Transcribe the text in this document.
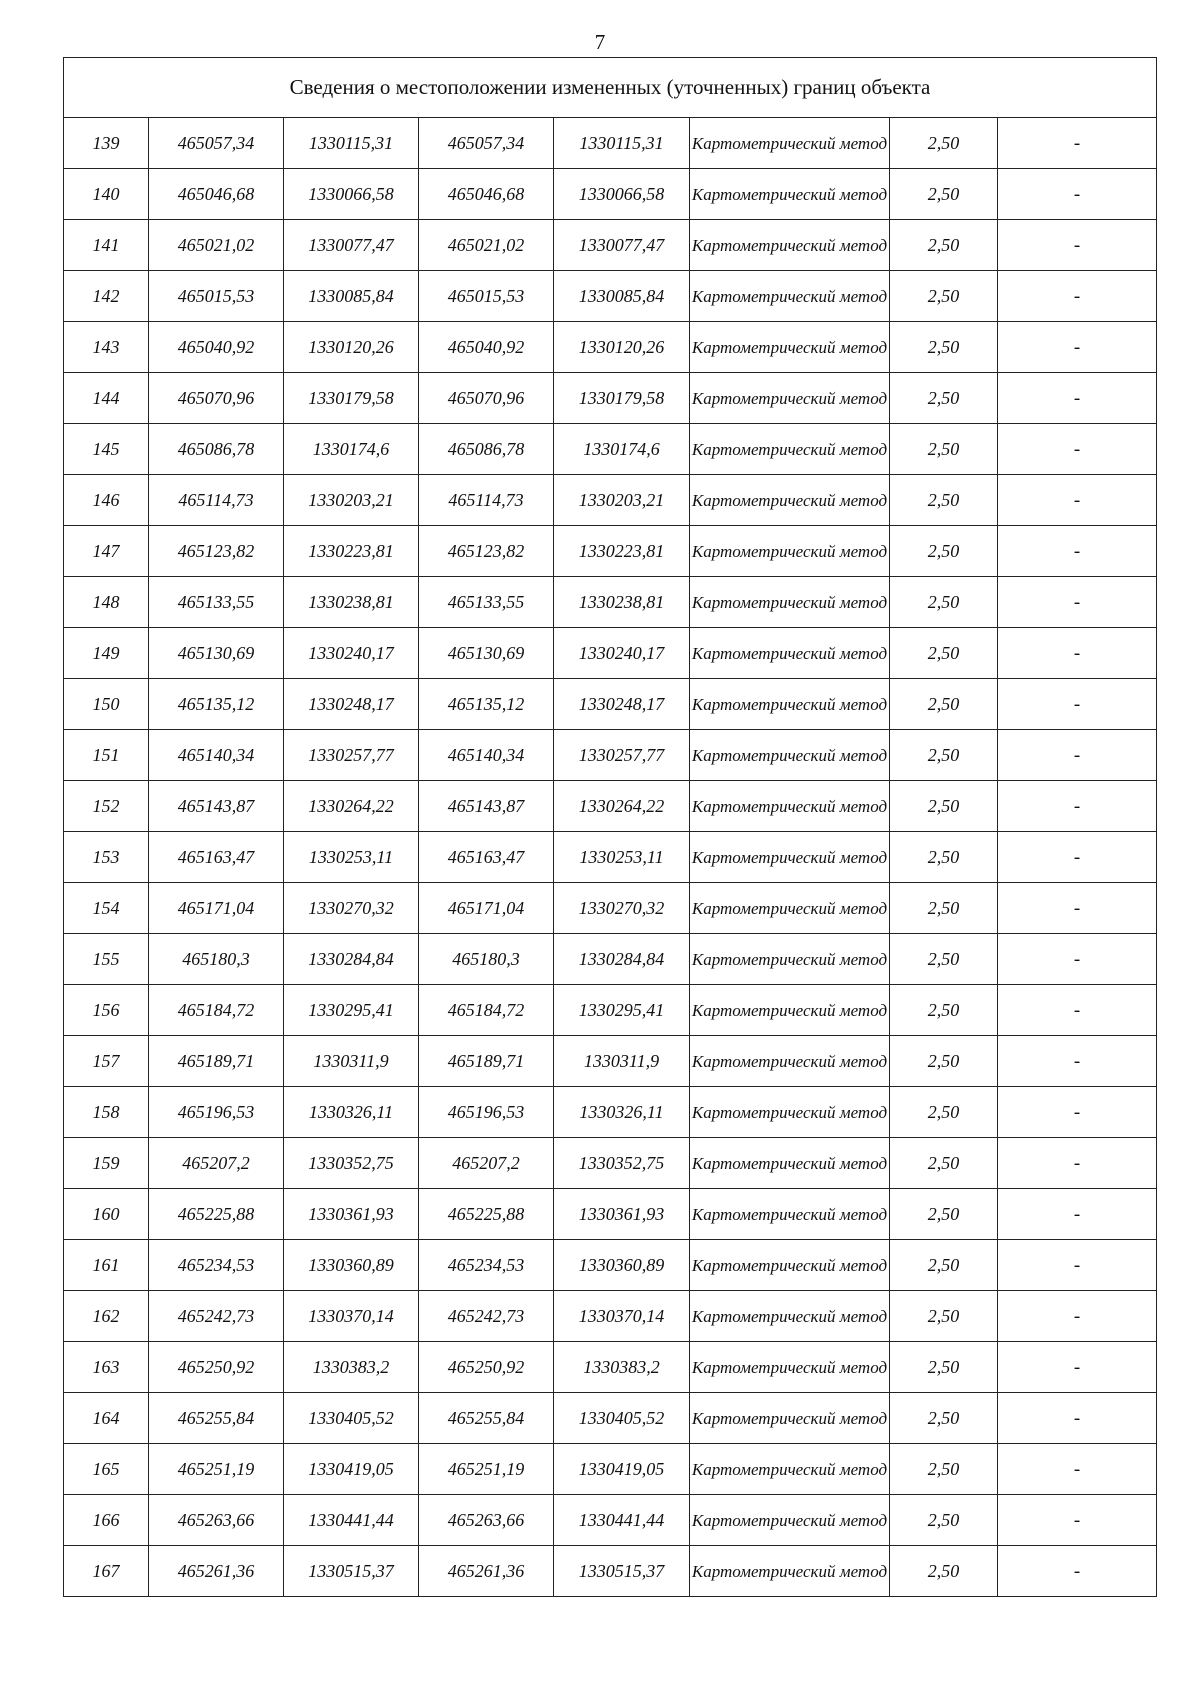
7
Сведения о местоположении измененных (уточненных) границ объекта							
139	465057,34	1330115,31	465057,34	1330115,31	Картометрический метод	2,50	-
140	465046,68	1330066,58	465046,68	1330066,58	Картометрический метод	2,50	-
141	465021,02	1330077,47	465021,02	1330077,47	Картометрический метод	2,50	-
142	465015,53	1330085,84	465015,53	1330085,84	Картометрический метод	2,50	-
143	465040,92	1330120,26	465040,92	1330120,26	Картометрический метод	2,50	-
144	465070,96	1330179,58	465070,96	1330179,58	Картометрический метод	2,50	-
145	465086,78	1330174,6	465086,78	1330174,6	Картометрический метод	2,50	-
146	465114,73	1330203,21	465114,73	1330203,21	Картометрический метод	2,50	-
147	465123,82	1330223,81	465123,82	1330223,81	Картометрический метод	2,50	-
148	465133,55	1330238,81	465133,55	1330238,81	Картометрический метод	2,50	-
149	465130,69	1330240,17	465130,69	1330240,17	Картометрический метод	2,50	-
150	465135,12	1330248,17	465135,12	1330248,17	Картометрический метод	2,50	-
151	465140,34	1330257,77	465140,34	1330257,77	Картометрический метод	2,50	-
152	465143,87	1330264,22	465143,87	1330264,22	Картометрический метод	2,50	-
153	465163,47	1330253,11	465163,47	1330253,11	Картометрический метод	2,50	-
154	465171,04	1330270,32	465171,04	1330270,32	Картометрический метод	2,50	-
155	465180,3	1330284,84	465180,3	1330284,84	Картометрический метод	2,50	-
156	465184,72	1330295,41	465184,72	1330295,41	Картометрический метод	2,50	-
157	465189,71	1330311,9	465189,71	1330311,9	Картометрический метод	2,50	-
158	465196,53	1330326,11	465196,53	1330326,11	Картометрический метод	2,50	-
159	465207,2	1330352,75	465207,2	1330352,75	Картометрический метод	2,50	-
160	465225,88	1330361,93	465225,88	1330361,93	Картометрический метод	2,50	-
161	465234,53	1330360,89	465234,53	1330360,89	Картометрический метод	2,50	-
162	465242,73	1330370,14	465242,73	1330370,14	Картометрический метод	2,50	-
163	465250,92	1330383,2	465250,92	1330383,2	Картометрический метод	2,50	-
164	465255,84	1330405,52	465255,84	1330405,52	Картометрический метод	2,50	-
165	465251,19	1330419,05	465251,19	1330419,05	Картометрический метод	2,50	-
166	465263,66	1330441,44	465263,66	1330441,44	Картометрический метод	2,50	-
167	465261,36	1330515,37	465261,36	1330515,37	Картометрический метод	2,50	-
